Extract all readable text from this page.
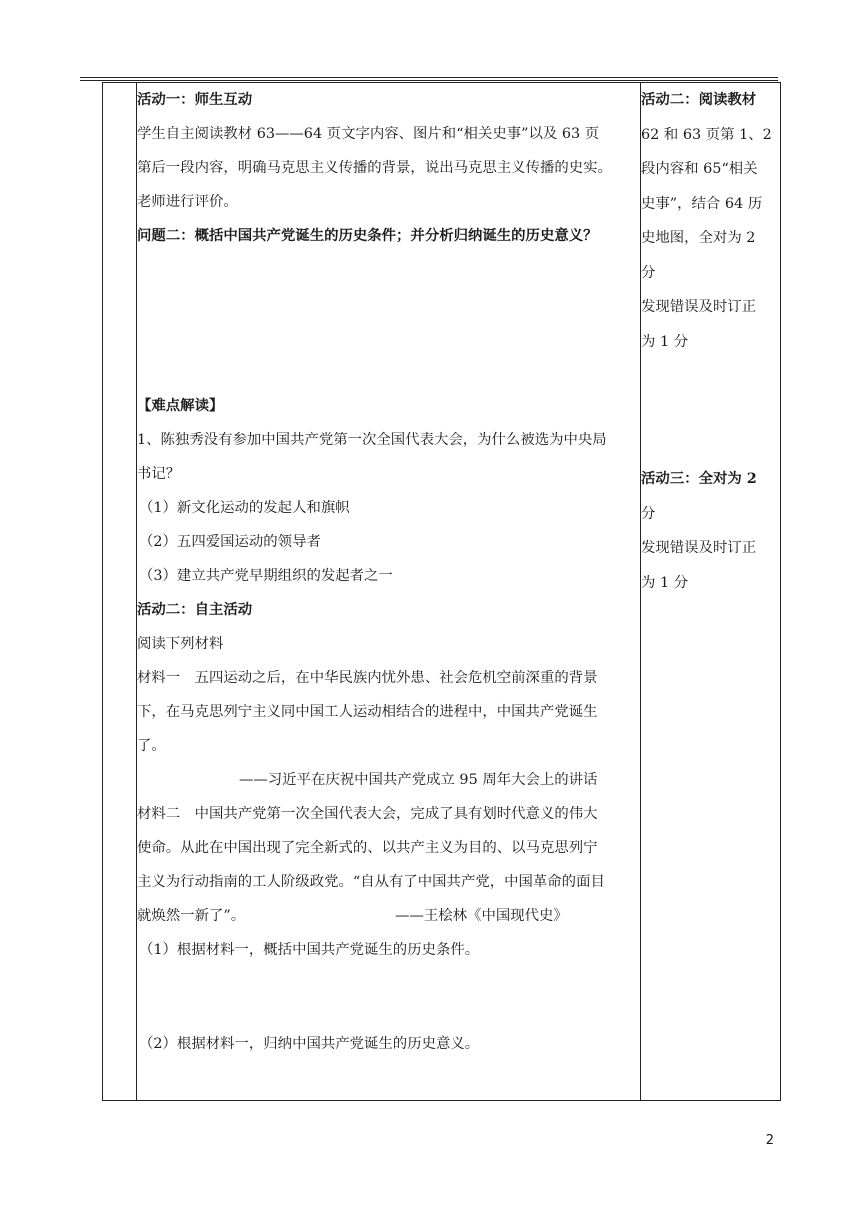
活动一：师生互动

学生自主阅读教材 63——64 页文字内容、图片和“相关史事”以及 63 页

第后一段内容，明确马克思主义传播的背景，说出马克思主义传播的史实。

老师进行评价。

问题二：概括中国共产党诞生的历史条件；并分析归纳诞生的历史意义？

【难点解读】

1、陈独秀没有参加中国共产党第一次全国代表大会，为什么被选为中央局

书记？

（1）新文化运动的发起人和旗帜

（2）五四爱国运动的领导者

（3）建立共产党早期组织的发起者之一

活动二：自主活动

阅读下列材料

材料一　五四运动之后，在中华民族内忧外患、社会危机空前深重的背景

下，在马克思列宁主义同中国工人运动相结合的进程中，中国共产党诞生

了。

——习近平在庆祝中国共产党成立 95 周年大会上的讲话

材料二　中国共产党第一次全国代表大会，完成了具有划时代意义的伟大

使命。从此在中国出现了完全新式的、以共产主义为目的、以马克思列宁

主义为行动指南的工人阶级政党。“自从有了中国共产党，中国革命的面目

就焕然一新了”。	——王桧林《中国现代史》

（1）根据材料一，概括中国共产党诞生的历史条件。

（2）根据材料一，归纳中国共产党诞生的历史意义。

活动二：阅读教材

62 和 63 页第 1、2

段内容和 65“相关

史事”，结合 64 历

史地图，全对为 2

分

发现错误及时订正

为 1 分

活动三：全对为 2

分

发现错误及时订正

为 1 分

2
